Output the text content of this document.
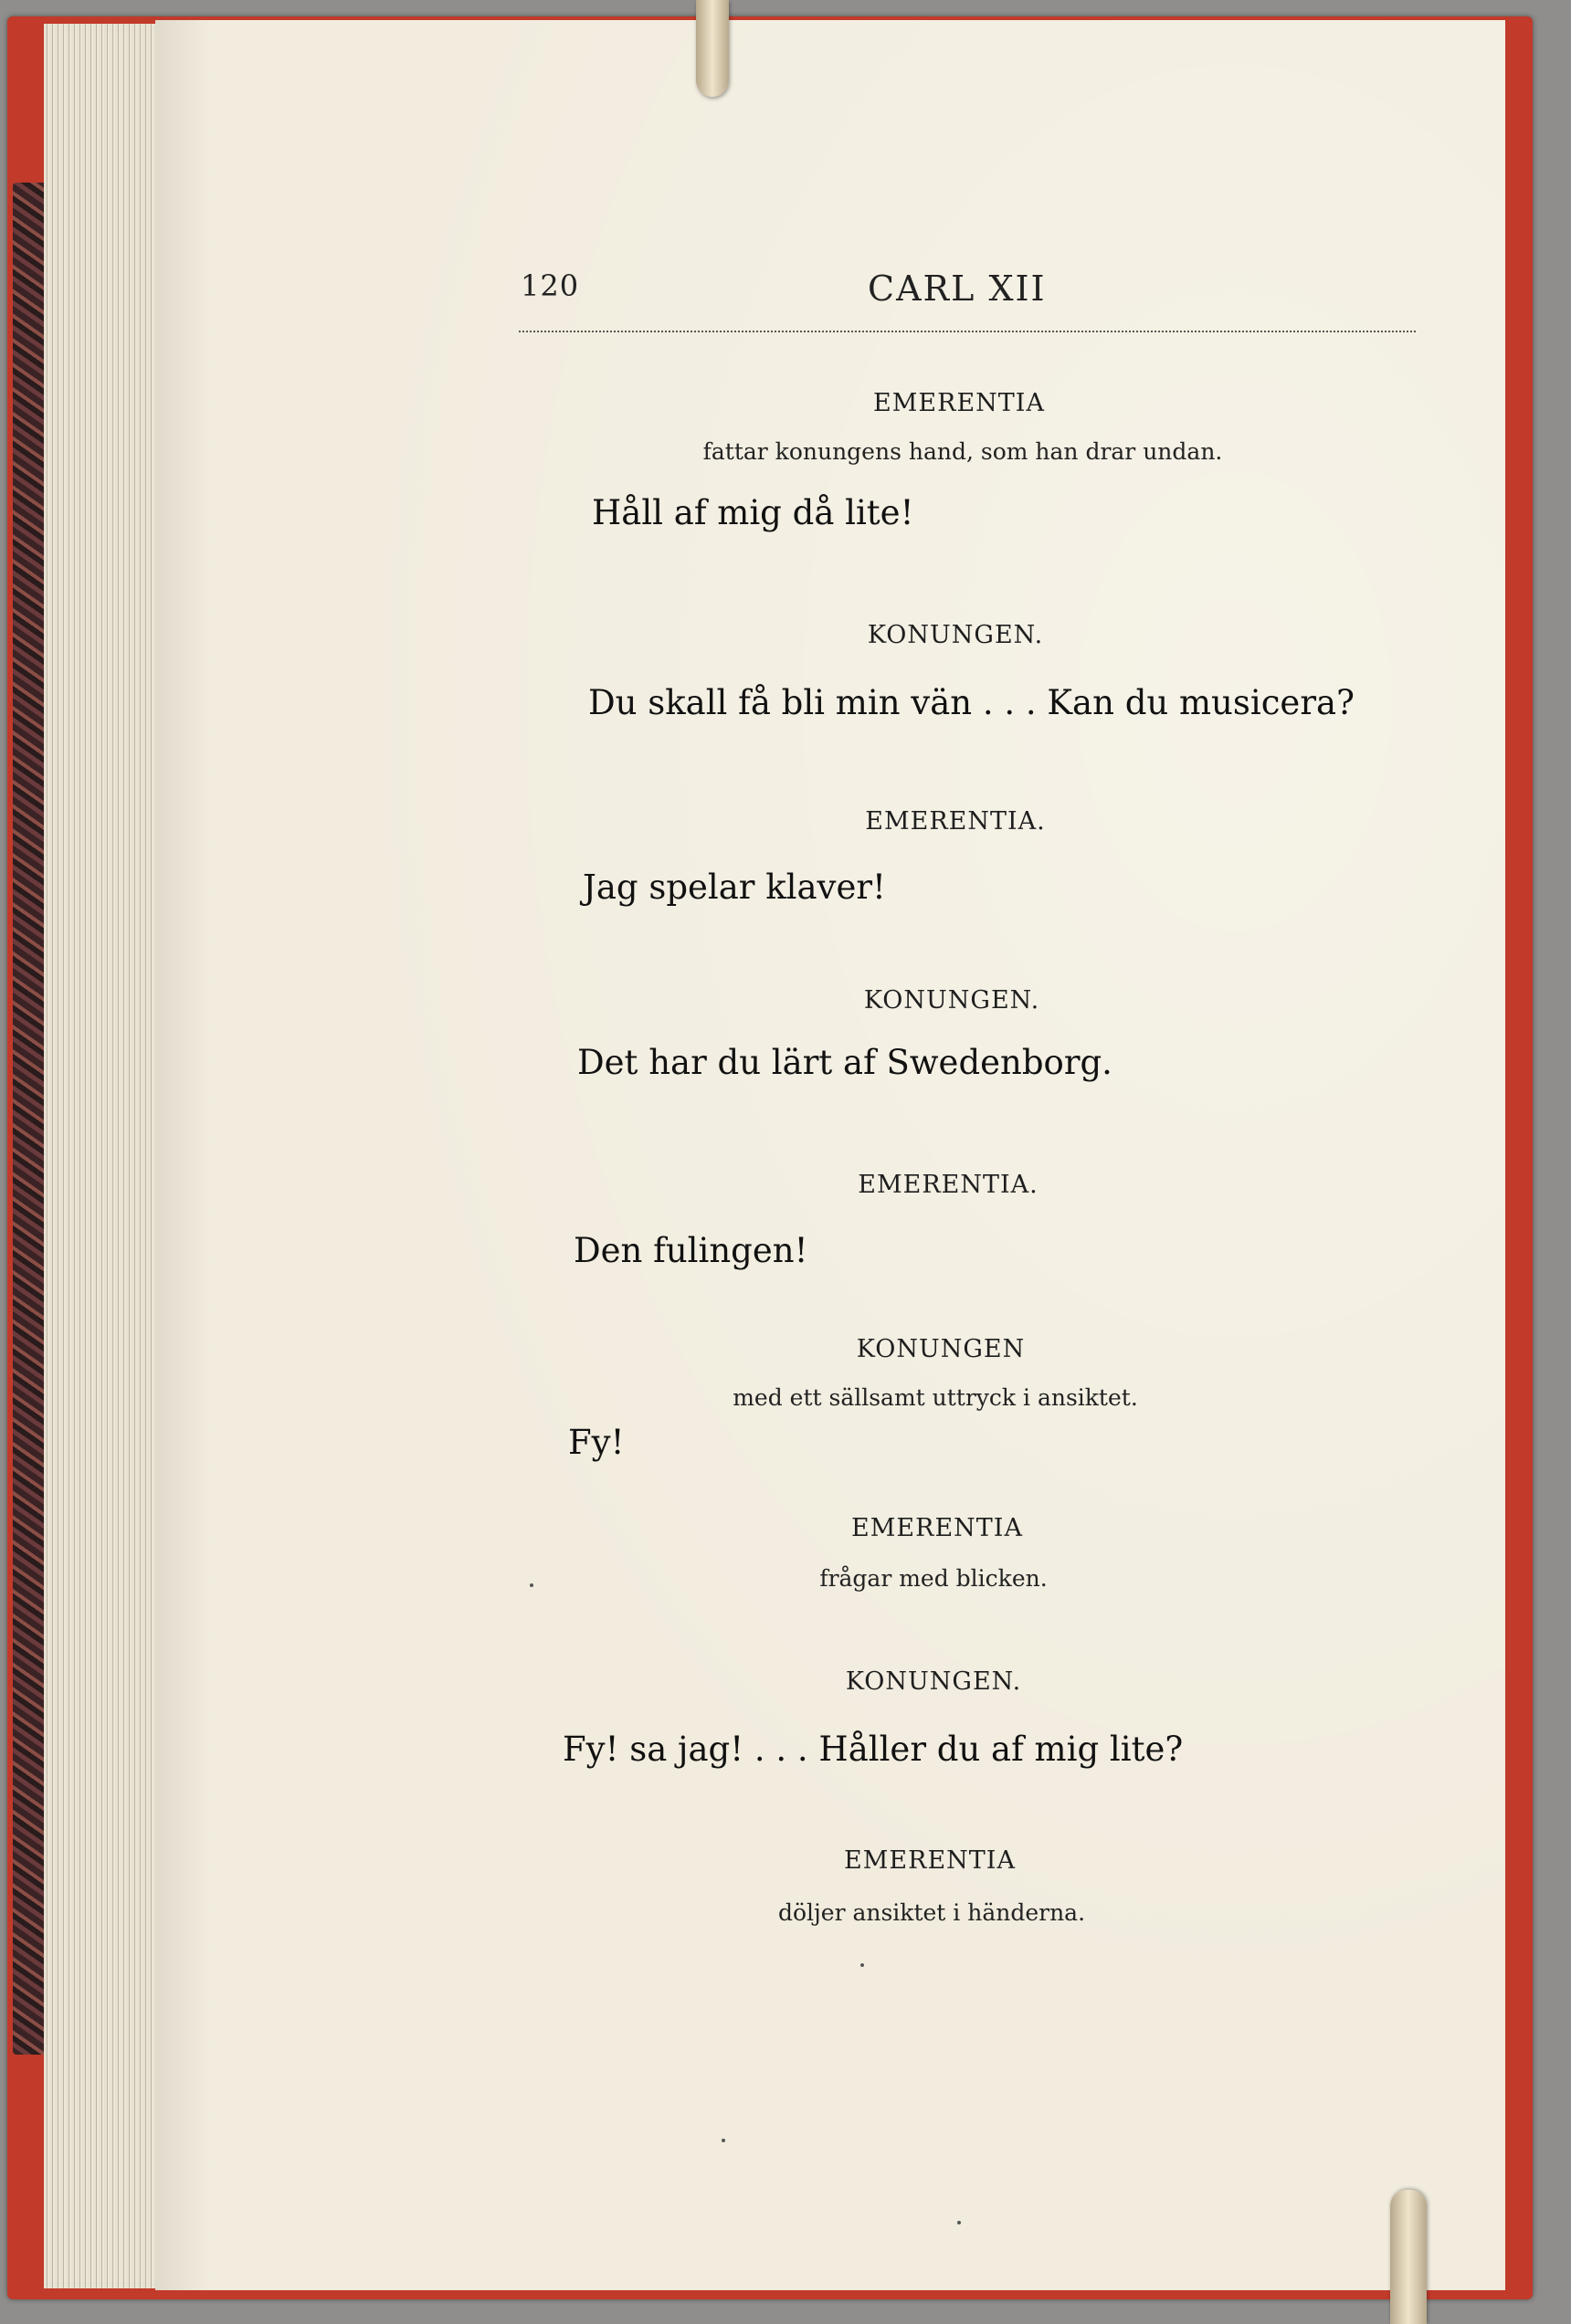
120	CARL XII
EMERENTIA
fattar konungens hand, som han drar undan.
Håll af mig då lite!
KONUNGEN.
Du skall få bli min vän . . . Kan du musicera?
EMERENTIA.
Jag spelar klaver!
KONUNGEN.
Det har du lärt af Swedenborg.
EMERENTIA.
Den fulingen!
KONUNGEN
med ett sällsamt uttryck i ansiktet.
Fy!
EMERENTIA
frågar med blicken.
KONUNGEN.
Fy! sa jag! . . . Håller du af mig lite?
EMERENTIA
döljer ansiktet i händerna.
